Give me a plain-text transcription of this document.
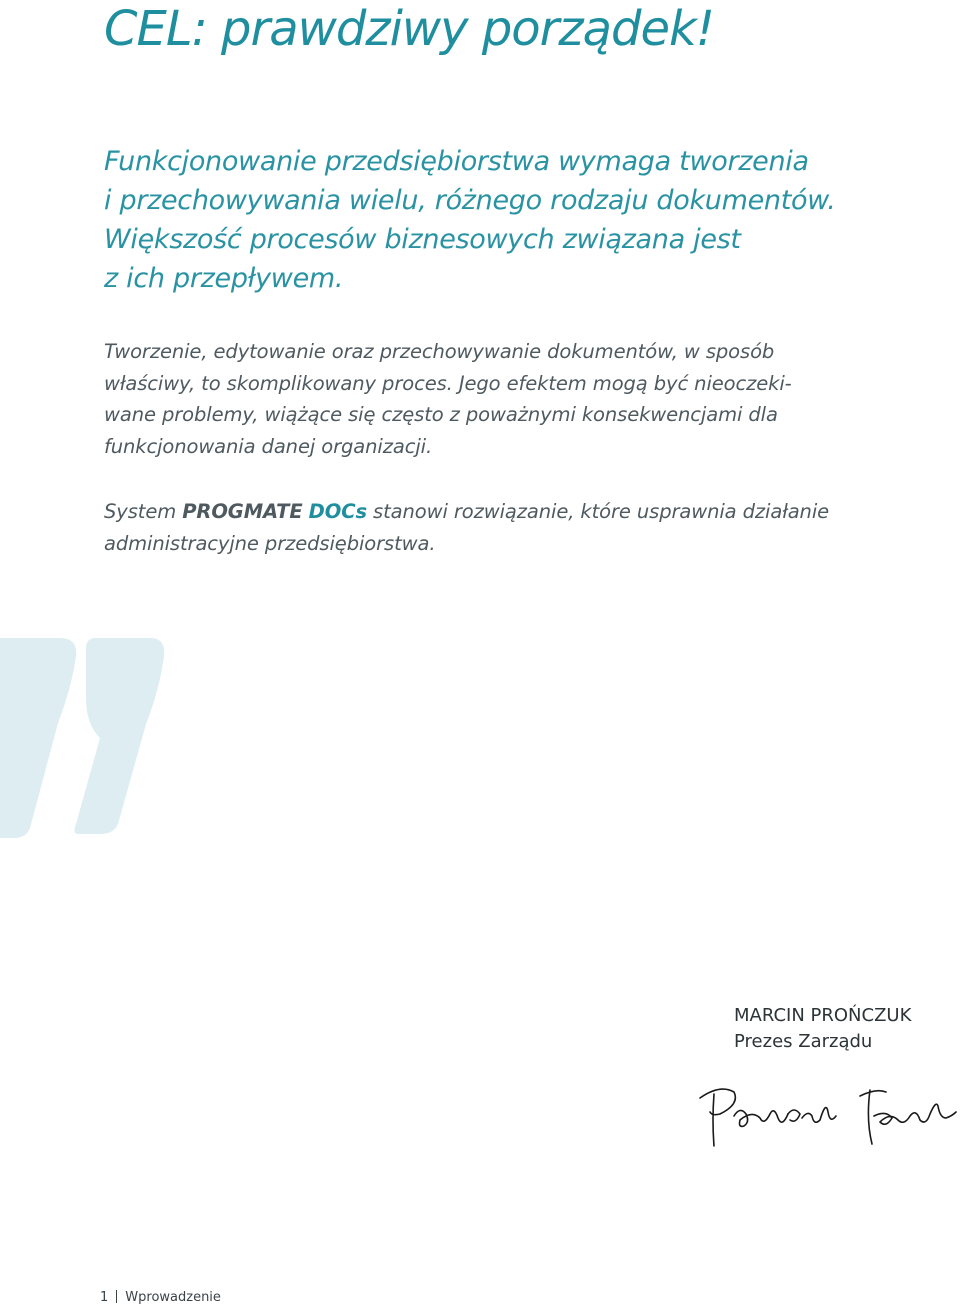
CEL: prawdziwy porządek!

Funkcjonowanie przedsiębiorstwa wymaga tworzenia
i przechowywania wielu, różnego rodzaju dokumentów.
Większość procesów biznesowych związana jest
z ich przepływem.

Tworzenie, edytowanie oraz przechowywanie dokumentów, w sposób
właściwy, to skomplikowany proces. Jego efektem mogą być nieoczeki-
wane problemy, wiążące się często z poważnymi konsekwencjami dla
funkcjonowania danej organizacji.

System PROGMATE DOCs stanowi rozwiązanie, które usprawnia działanie
administracyjne przedsiębiorstwa.

MARCIN PROŃCZUK

Prezes Zarządu

1 Wprowadzenie
